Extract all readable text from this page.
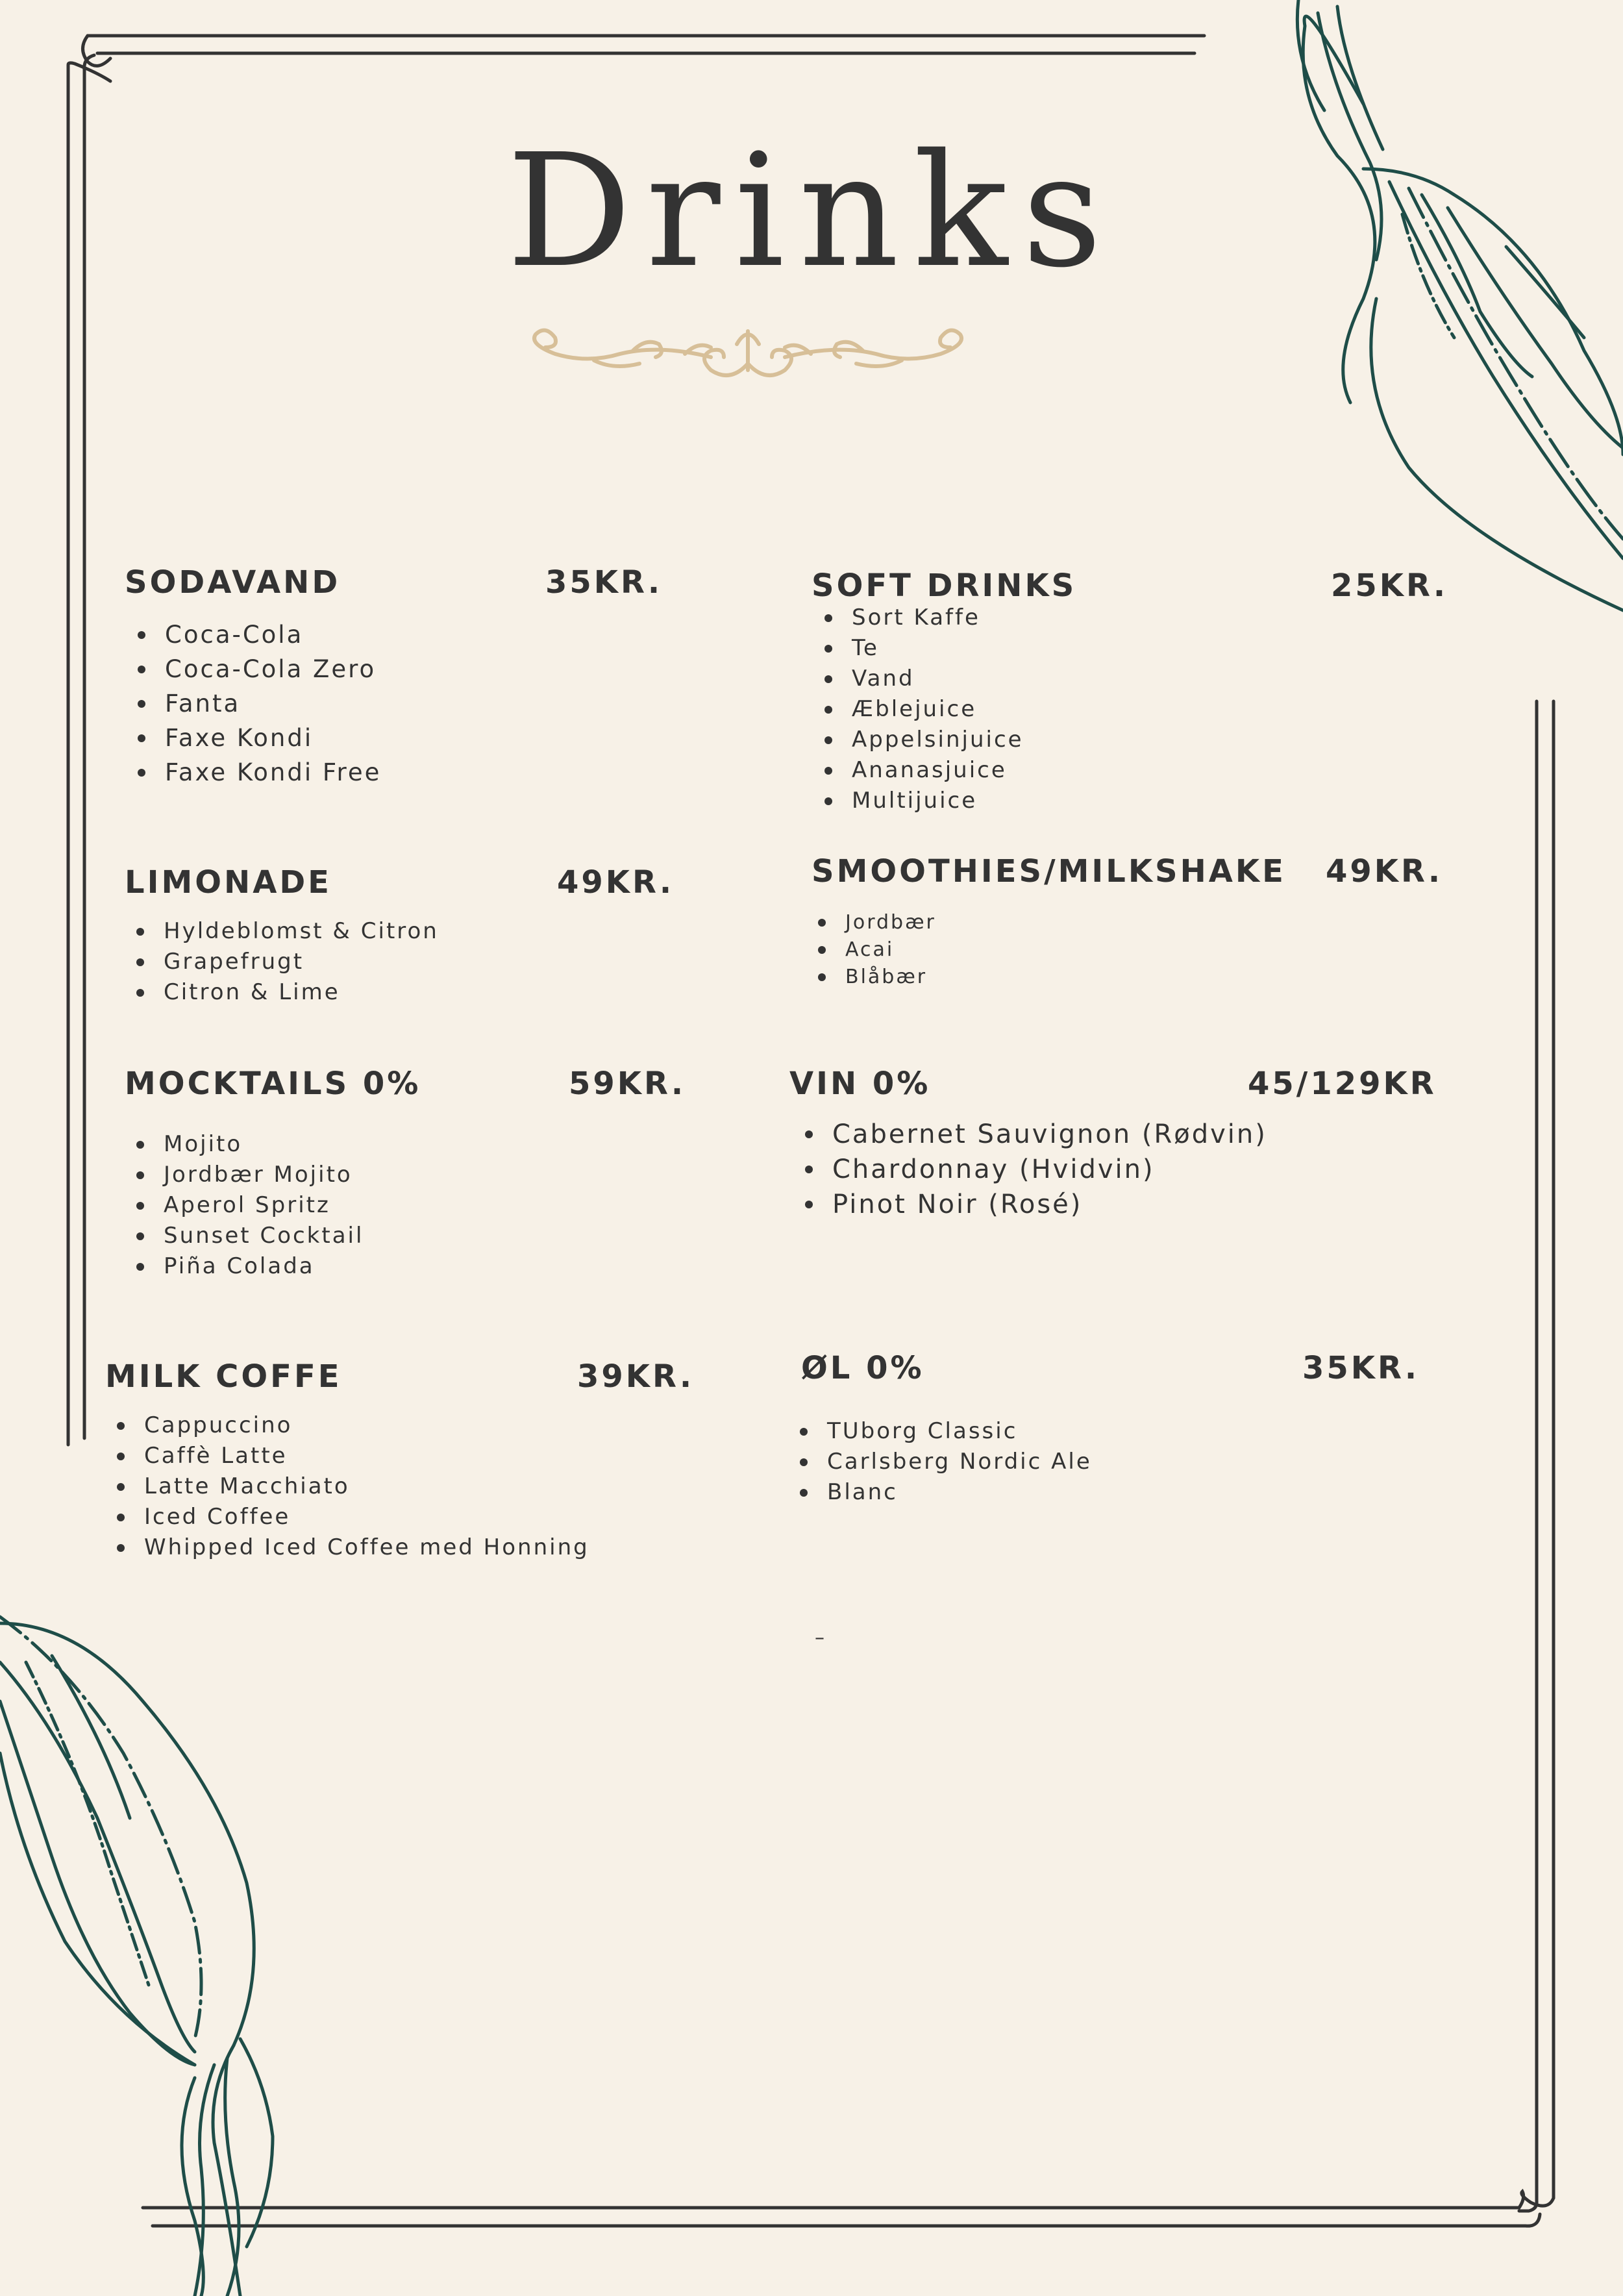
Drinks
SODAVAND	35KR.
Coca-Cola
Coca-Cola Zero
Fanta
Faxe Kondi
Faxe Kondi Free
SOFT DRINKS	25KR.
Sort Kaffe
Te
Vand
Æblejuice
Appelsinjuice
Ananasjuice
Multijuice
LIMONADE	49KR.
Hyldeblomst & Citron
Grapefrugt
Citron & Lime
SMOOTHIES/MILKSHAKE 49KR.
Jordbær
Acai
Blåbær
MOCKTAILS 0%	59KR.
Mojito
Jordbær Mojito
Aperol Spritz
Sunset Cocktail
Piña Colada
VIN 0%	45/129KR
Cabernet Sauvignon (Rødvin)
Chardonnay (Hvidvin)
Pinot Noir (Rosé)
MILK COFFE	39KR.
Cappuccino
Caffè Latte
Latte Macchiato
Iced Coffee
Whipped Iced Coffee med Honning
ØL 0%	35KR.
TUborg Classic
Carlsberg Nordic Ale
Blanc
–
